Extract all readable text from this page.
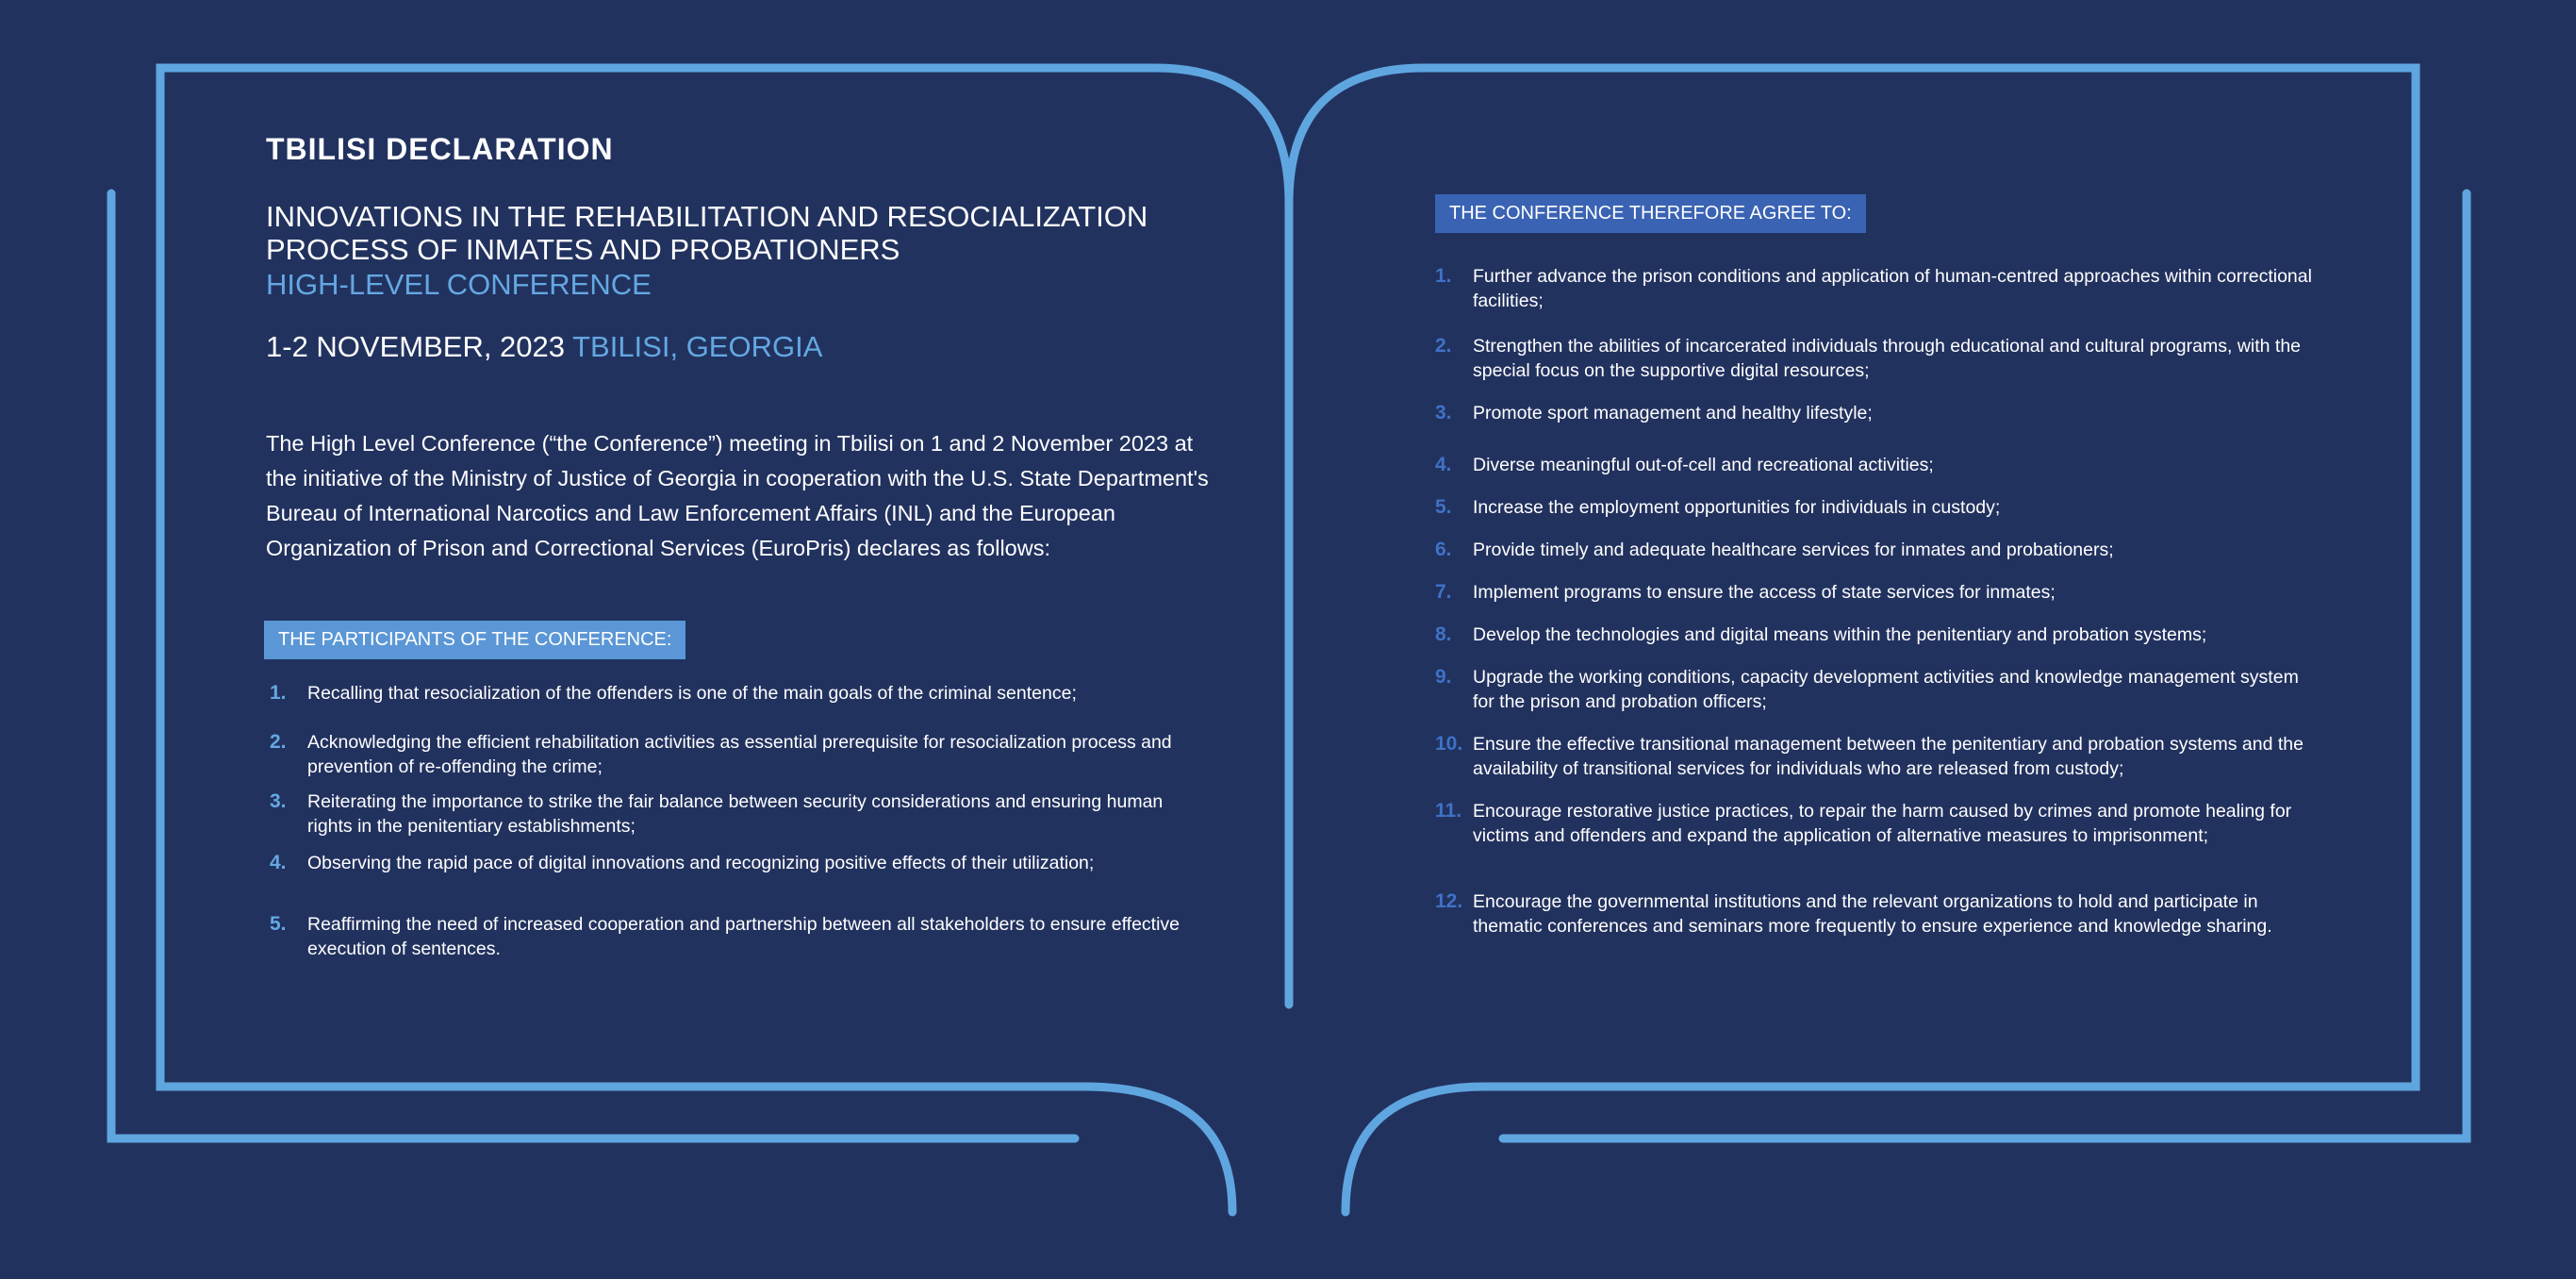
TBILISI DECLARATION
INNOVATIONS IN THE REHABILITATION AND RESOCIALIZATION PROCESS OF INMATES AND PROBATIONERS
HIGH-LEVEL CONFERENCE
1-2 NOVEMBER, 2023 TBILISI, GEORGIA

The High Level Conference (“the Conference”) meeting in Tbilisi on 1 and 2 November 2023 at the initiative of the Ministry of Justice of Georgia in cooperation with the U.S. State Department's Bureau of International Narcotics and Law Enforcement Affairs (INL) and the European Organization of Prison and Correctional Services (EuroPris) declares as follows:

THE PARTICIPANTS OF THE CONFERENCE:
1.	Recalling that resocialization of the offenders is one of the main goals of the criminal sentence;
2.	Acknowledging the efficient rehabilitation activities as essential prerequisite for resocialization process and prevention of re-offending the crime;
3.	Reiterating the importance to strike the fair balance between security considerations and ensuring human rights in the penitentiary establishments;
4.	Observing the rapid pace of digital innovations and recognizing positive effects of their utilization;
5.	Reaffirming the need of increased cooperation and partnership between all stakeholders to ensure effective execution of sentences.
THE CONFERENCE THEREFORE AGREE TO:
1.	Further advance the prison conditions and application of human-centred approaches within correctional facilities;
2.	Strengthen the abilities of incarcerated individuals through educational and cultural programs, with the special focus on the supportive digital resources;
3.	Promote sport management and healthy lifestyle;
4.	Diverse meaningful out-of-cell and recreational activities;
5.	Increase the employment opportunities for individuals in custody;
6.	Provide timely and adequate healthcare services for inmates and probationers;
7.	Implement programs to ensure the access of state services for inmates;
8.	Develop the technologies and digital means within the penitentiary and probation systems;
9.	Upgrade the working conditions, capacity development activities and knowledge management system for the prison and probation officers;
10. Ensure the effective transitional management between the penitentiary and probation systems and the availability of transitional services for individuals who are released from custody;
11. Encourage restorative justice practices, to repair the harm caused by crimes and promote healing for victims and offenders and expand the application of alternative measures to imprisonment;
12. Encourage the governmental institutions and the relevant organizations to hold and participate in thematic conferences and seminars more frequently to ensure experience and knowledge sharing.
